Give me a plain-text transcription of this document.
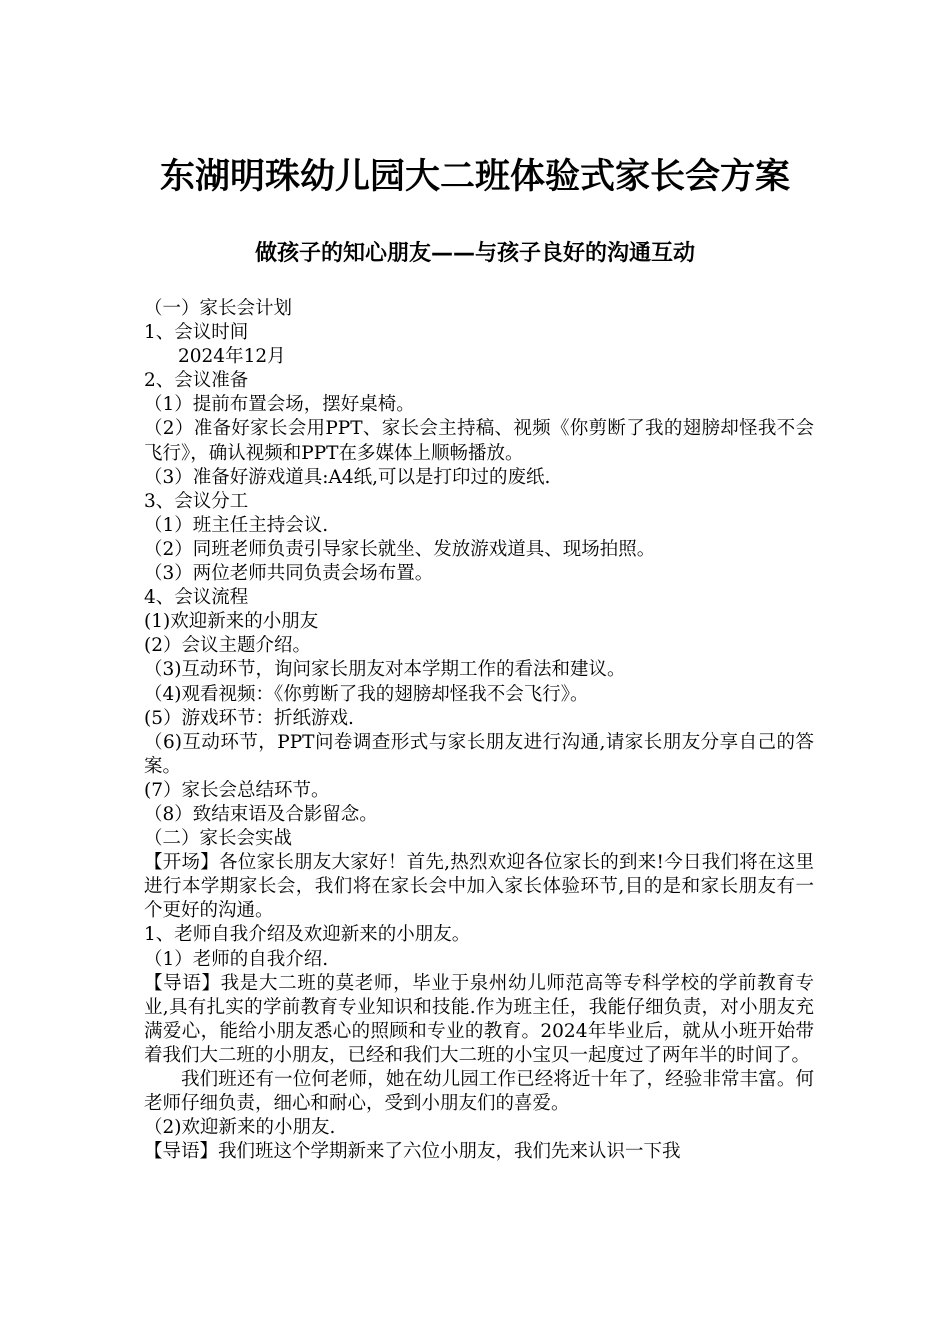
东湖明珠幼儿园大二班体验式家长会方案
做孩子的知心朋友——与孩子良好的沟通互动

（一）家长会计划

1、会议时间

2024年12月

2、会议准备

（1）提前布置会场，摆好桌椅。

（2）准备好家长会用PPT、家长会主持稿、视频《你剪断了我的翅膀却怪我不会飞行》，确认视频和PPT在多媒体上顺畅播放。

（3）准备好游戏道具:A4纸,可以是打印过的废纸.

3、会议分工

（1）班主任主持会议.

（2）同班老师负责引导家长就坐、发放游戏道具、现场拍照。

（3）两位老师共同负责会场布置。

4、会议流程

(1)欢迎新来的小朋友

(2）会议主题介绍。

（3)互动环节，询问家长朋友对本学期工作的看法和建议。

（4)观看视频：《你剪断了我的翅膀却怪我不会飞行》。

(5）游戏环节：折纸游戏.

（6)互动环节，PPT问卷调查形式与家长朋友进行沟通,请家长朋友分享自己的答案。

(7）家长会总结环节。

（8）致结束语及合影留念。

（二）家长会实战

【开场】各位家长朋友大家好！首先,热烈欢迎各位家长的到来!今日我们将在这里进行本学期家长会，我们将在家长会中加入家长体验环节,目的是和家长朋友有一个更好的沟通。

1、老师自我介绍及欢迎新来的小朋友。

（1）老师的自我介绍.

【导语】我是大二班的莫老师，毕业于泉州幼儿师范高等专科学校的学前教育专业,具有扎实的学前教育专业知识和技能.作为班主任，我能仔细负责，对小朋友充满爱心，能给小朋友悉心的照顾和专业的教育。2024年毕业后，就从小班开始带着我们大二班的小朋友，已经和我们大二班的小宝贝一起度过了两年半的时间了。

我们班还有一位何老师，她在幼儿园工作已经将近十年了，经验非常丰富。何老师仔细负责，细心和耐心，受到小朋友们的喜爱。

（2)欢迎新来的小朋友.

【导语】我们班这个学期新来了六位小朋友，我们先来认识一下我
